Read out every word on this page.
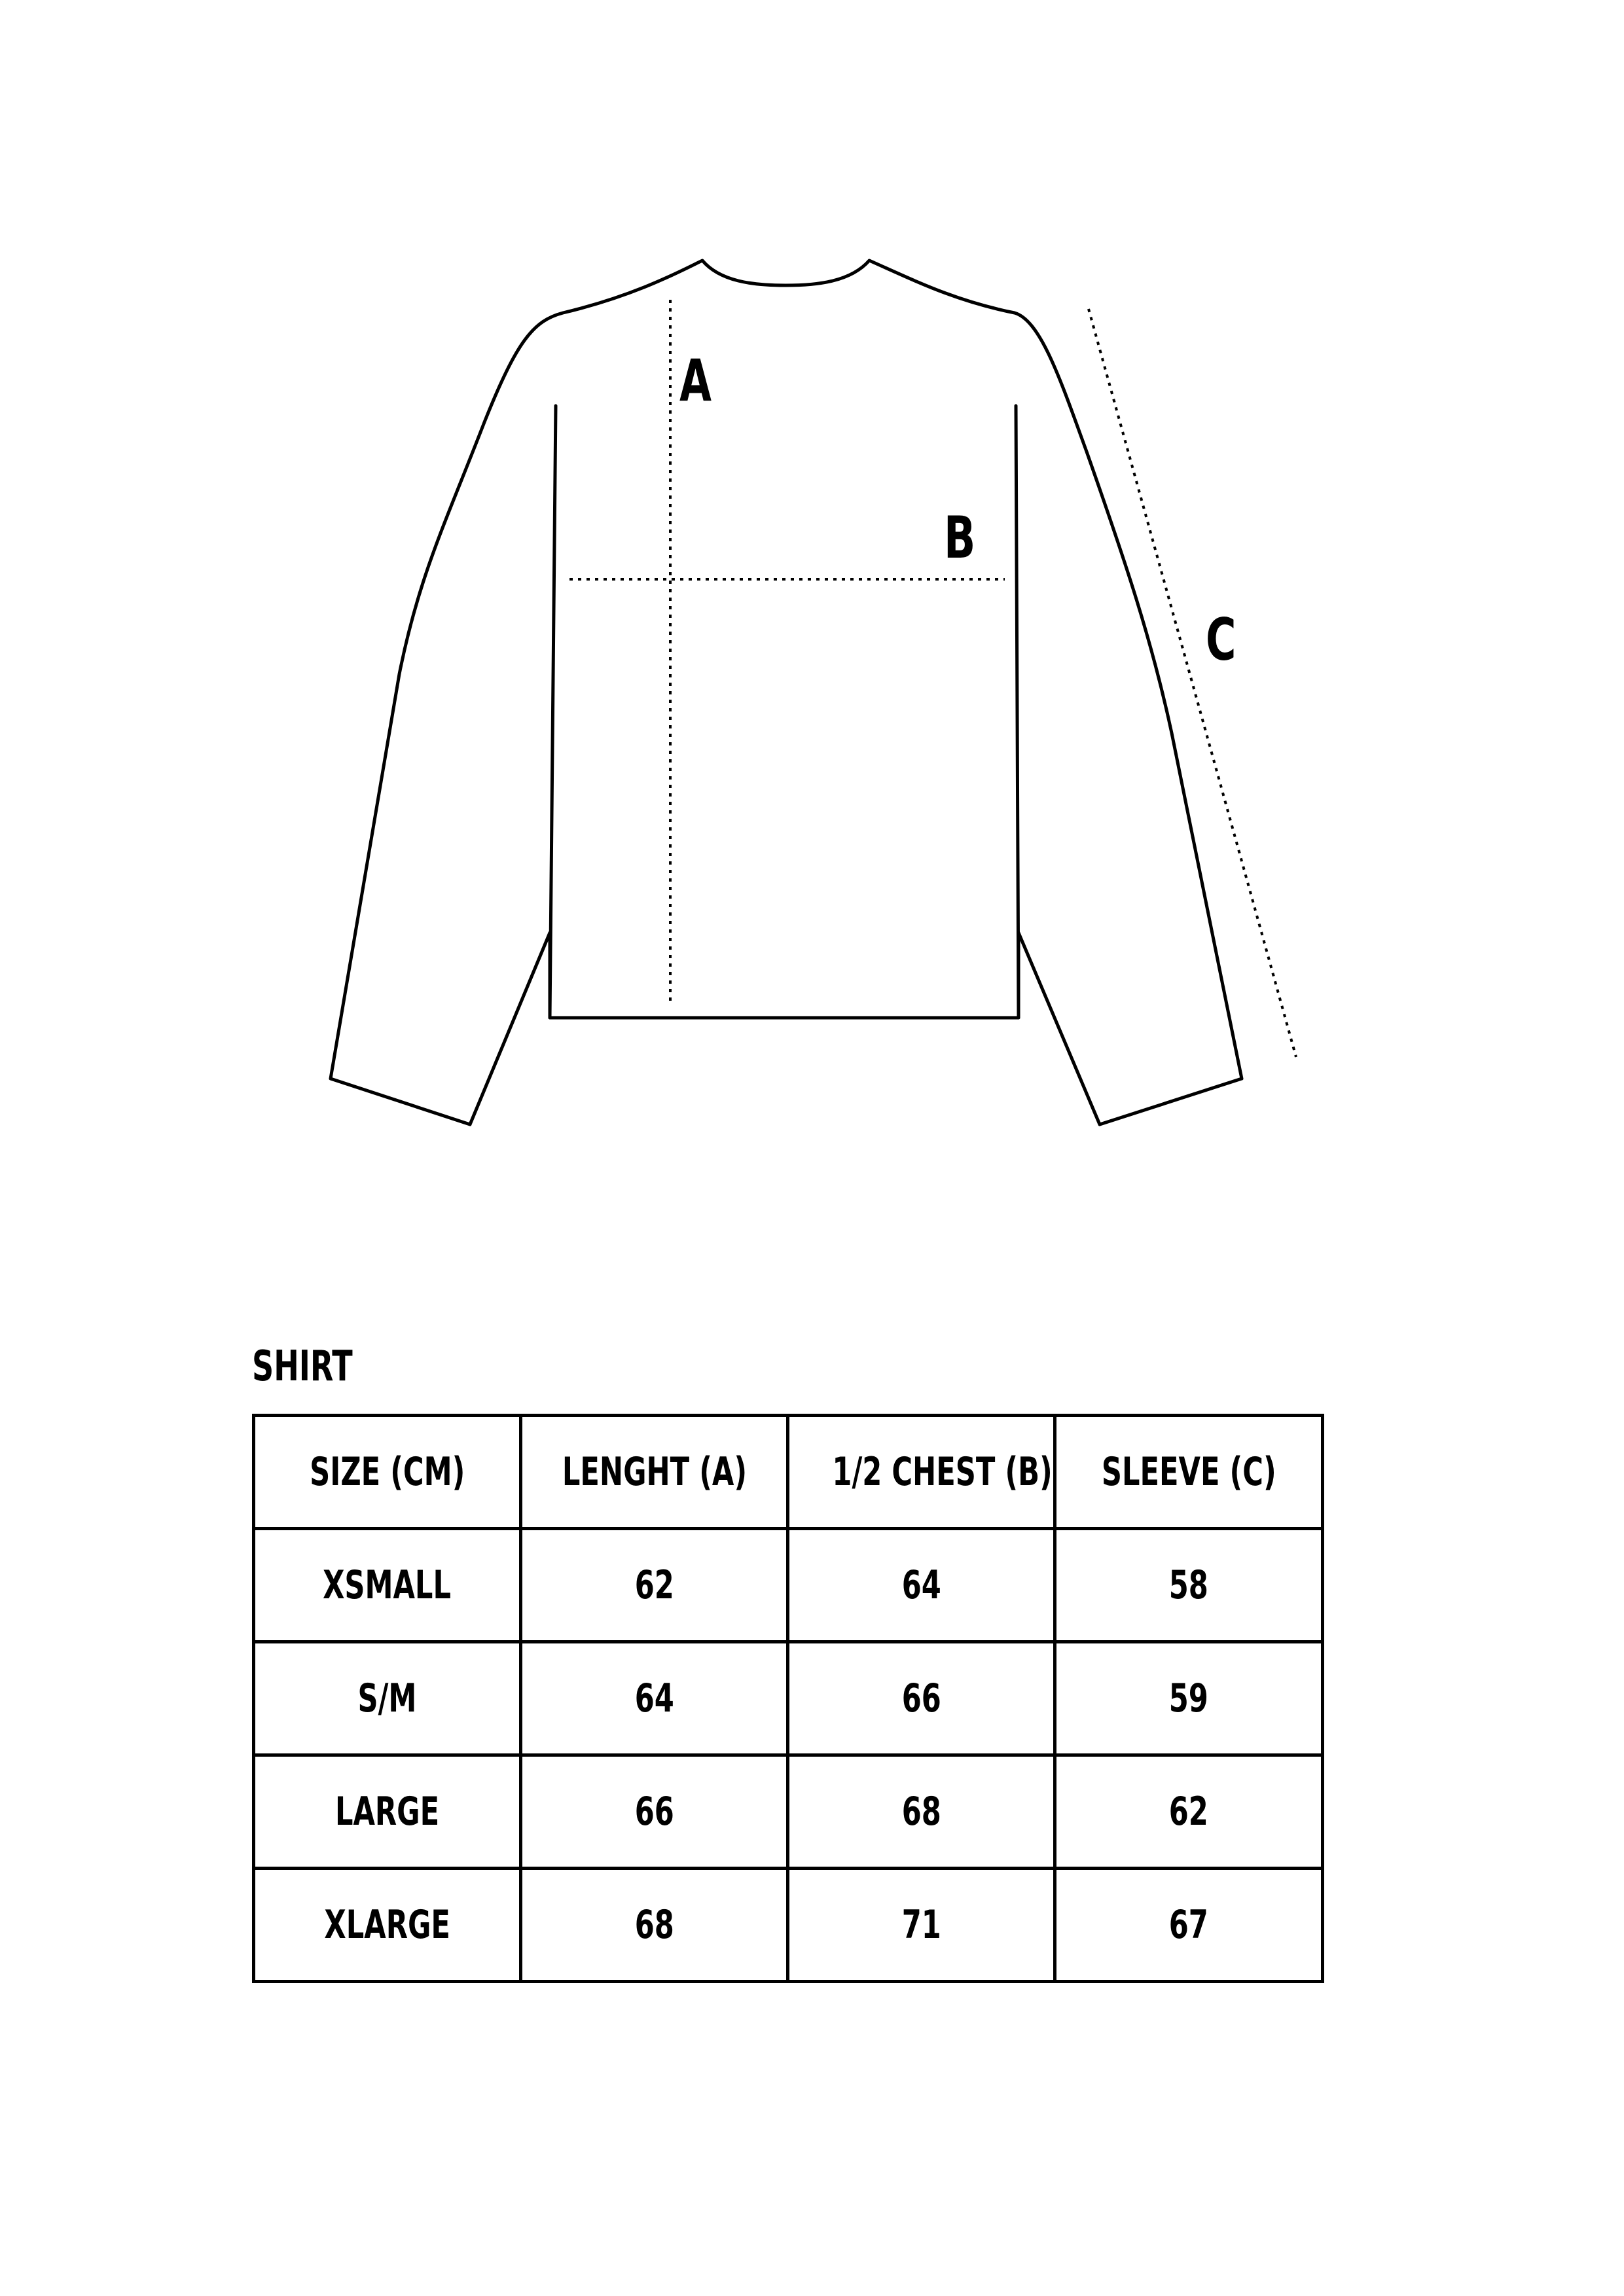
A
B
C
SHIRT
SIZE (CM)	LENGHT (A)	1/2 CHEST (B)	SLEEVE (C)
XSMALL	62	64	58
S/M	64	66	59
LARGE	66	68	62
XLARGE	68	71	67
